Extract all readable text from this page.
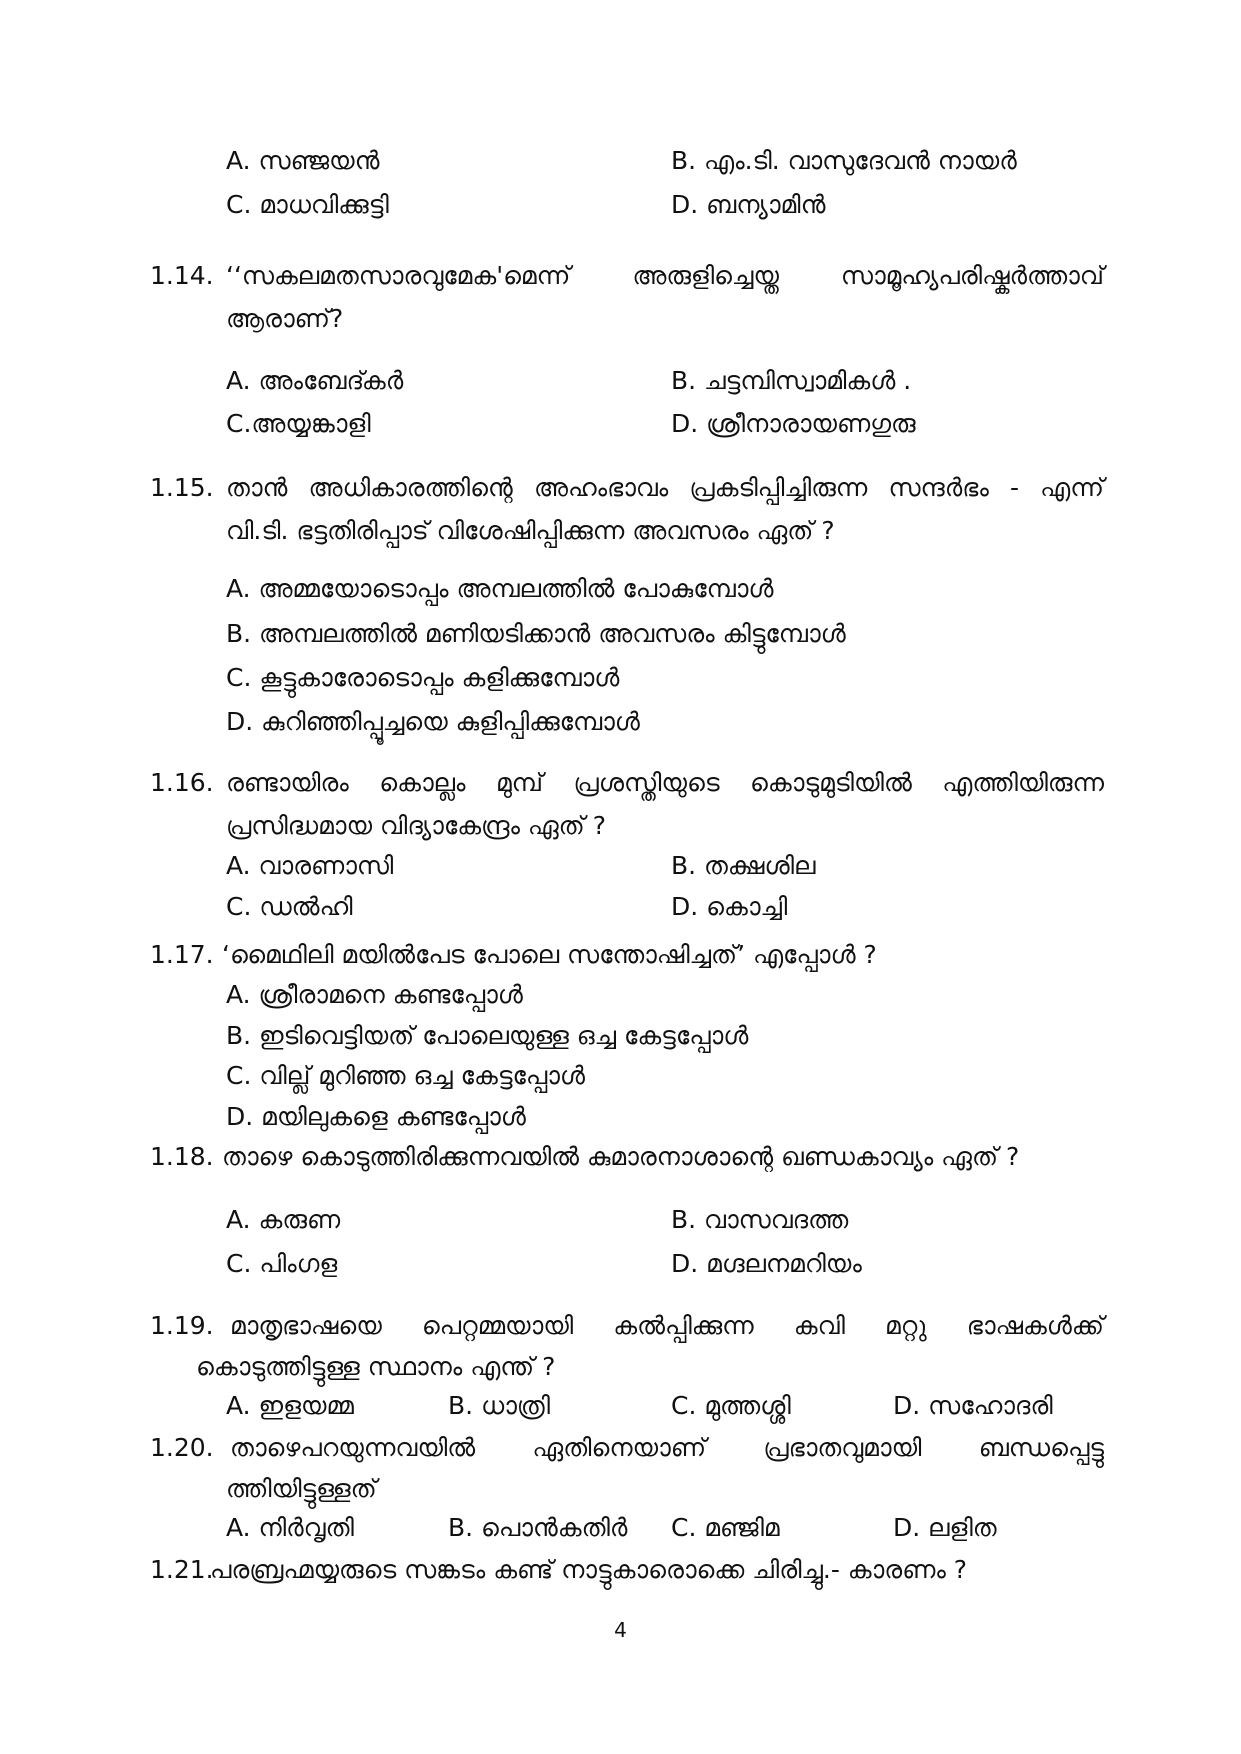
A. സഞ്ജയൻ	B. എം.ടി. വാസുദേവൻ നായർ
C. മാധവിക്കുട്ടി	D. ബന്യാമിൻ
1.14. ‘‘സകലമതസാരവുമേക'മെന്ന് അരുളിച്ചെയ്ത സാമൂഹ്യപരിഷ്കർത്താവ്
ആരാണ്?
A. അംബേദ്കർ	B. ചട്ടമ്പിസ്വാമികൾ .
C.അയ്യങ്കാളി	D. ശ്രീനാരായണഗുരു
1.15. താൻ അധികാരത്തിന്റെ അഹംഭാവം പ്രകടിപ്പിച്ചിരുന്ന സന്ദർഭം - എന്ന്
വി.ടി. ഭട്ടതിരിപ്പാട് വിശേഷിപ്പിക്കുന്ന അവസരം ഏത് ?
A. അമ്മയോടൊപ്പം അമ്പലത്തിൽ പോകുമ്പോൾ
B. അമ്പലത്തിൽ മണിയടിക്കാൻ അവസരം കിട്ടുമ്പോൾ
C. കൂട്ടുകാരോടൊപ്പം കളിക്കുമ്പോൾ
D. കുറിഞ്ഞിപ്പൂച്ചയെ കുളിപ്പിക്കുമ്പോൾ
1.16. രണ്ടായിരം കൊല്ലം മുമ്പ് പ്രശസ്തിയുടെ കൊടുമുടിയിൽ എത്തിയിരുന്ന
പ്രസിദ്ധമായ വിദ്യാകേന്ദ്രം ഏത് ?
A. വാരണാസി	B. തക്ഷശില
C. ഡൽഹി	D. കൊച്ചി
1.17. ‘മൈഥിലി മയിൽപേട പോലെ സന്തോഷിച്ചത്’ എപ്പോൾ ?
A. ശ്രീരാമനെ കണ്ടപ്പോൾ
B. ഇടിവെട്ടിയത് പോലെയുള്ള ഒച്ച കേട്ടപ്പോൾ
C. വില്ല് മുറിഞ്ഞ ഒച്ച കേട്ടപ്പോൾ
D. മയിലുകളെ കണ്ടപ്പോൾ
1.18. താഴെ കൊടുത്തിരിക്കുന്നവയിൽ കുമാരനാശാന്റെ ഖണ്ഡകാവ്യം ഏത് ?
A. കരുണ	B. വാസവദത്ത
C. പിംഗള	D. മഗ്ദലനമറിയം
1.19. മാതൃഭാഷയെ പെറ്റമ്മയായി കൽപ്പിക്കുന്ന കവി മറ്റു ഭാഷകൾക്ക്
കൊടുത്തിട്ടുള്ള സ്ഥാനം എന്ത് ?
A. ഇളയമ്മ	B. ധാത്രി	C. മുത്തശ്ശി	D. സഹോദരി
1.20. താഴെപറയുന്നവയിൽ ഏതിനെയാണ് പ്രഭാതവുമായി ബന്ധപ്പെട്ടു
ത്തിയിട്ടുള്ളത്
A. നിർവൃതി	B. പൊൻകതിർ C. മഞ്ജിമ	D. ലളിത
1.21.
പരബ്രഹ്മയ്യരുടെ സങ്കടം കണ്ട് നാട്ടുകാരൊക്കെ ചിരിച്ചു.- കാരണം ?
4
